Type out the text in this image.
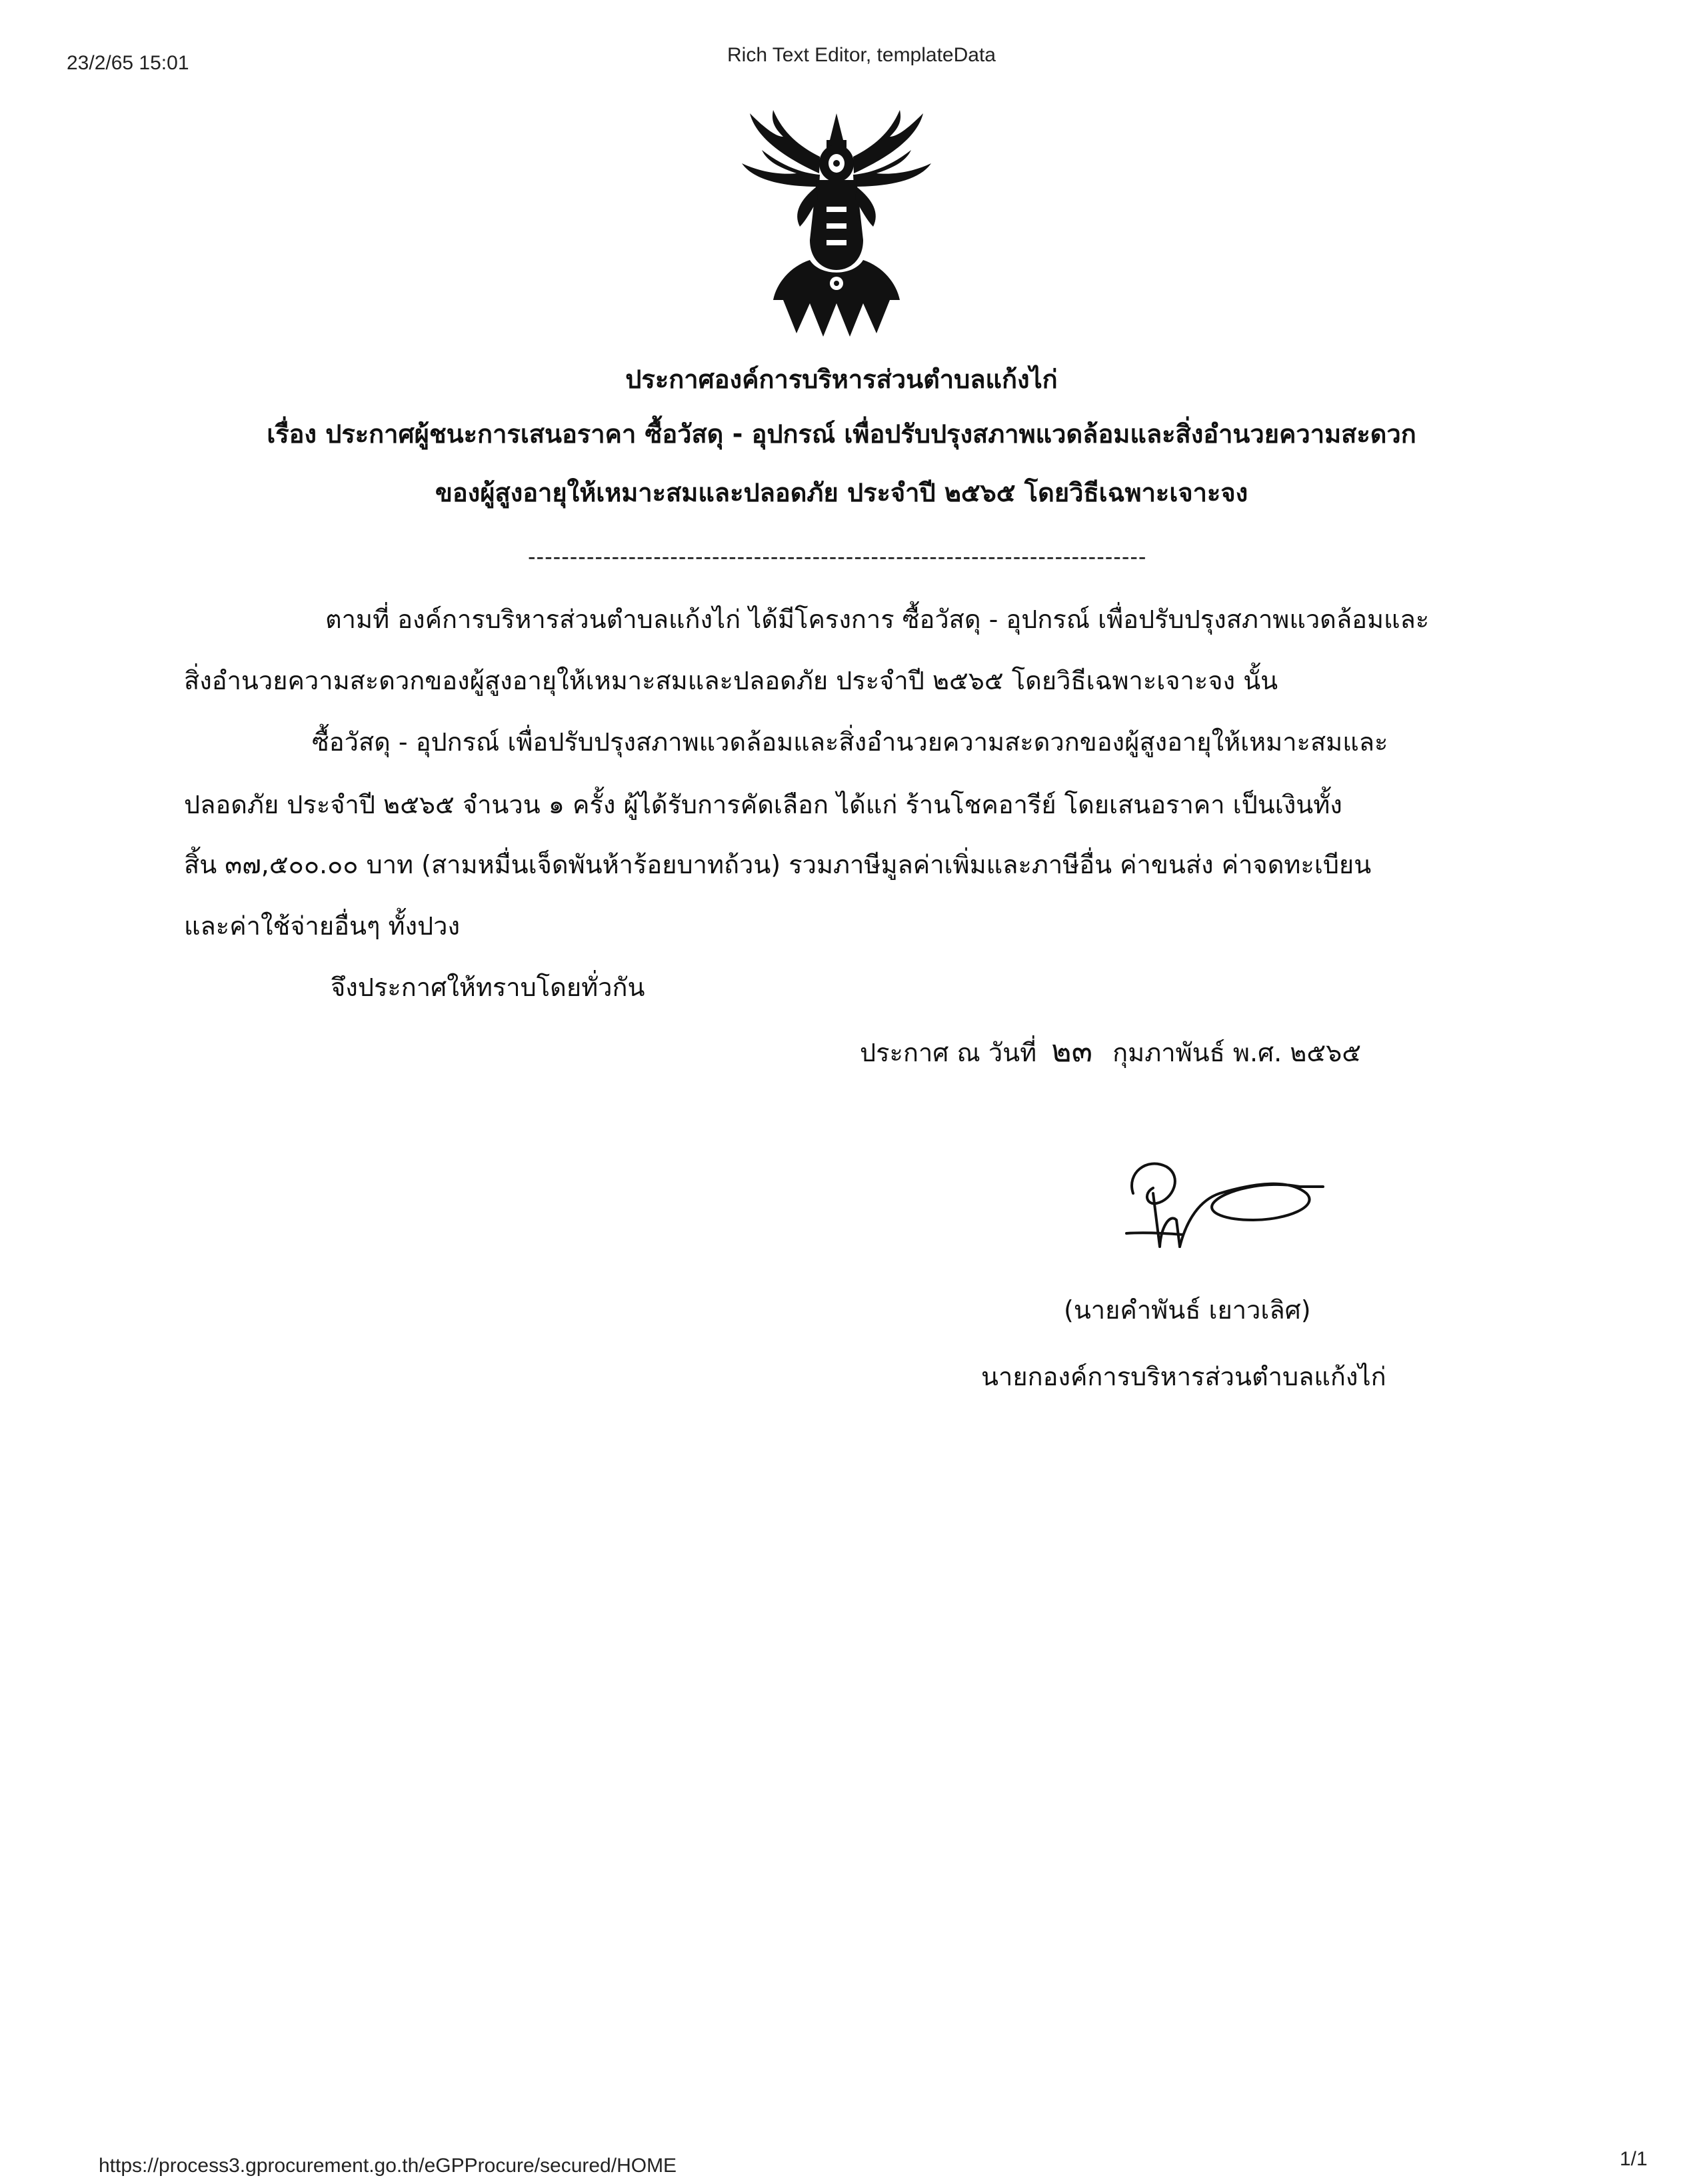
23/2/65 15:01	Rich Text Editor, templateData
ประกาศองค์การบริหารส่วนตำบลแก้งไก่
เรื่อง ประกาศผู้ชนะการเสนอราคา ซื้อวัสดุ - อุปกรณ์ เพื่อปรับปรุงสภาพแวดล้อมและสิ่งอำนวยความสะดวก
ของผู้สูงอายุให้เหมาะสมและปลอดภัย ประจำปี ๒๕๖๕ โดยวิธีเฉพาะเจาะจง
--------------------------------------------------------------------------
ตามที่ องค์การบริหารส่วนตำบลแก้งไก่ ได้มีโครงการ ซื้อวัสดุ - อุปกรณ์ เพื่อปรับปรุงสภาพแวดล้อมและ
สิ่งอำนวยความสะดวกของผู้สูงอายุให้เหมาะสมและปลอดภัย ประจำปี ๒๕๖๕ โดยวิธีเฉพาะเจาะจง นั้น
ซื้อวัสดุ - อุปกรณ์ เพื่อปรับปรุงสภาพแวดล้อมและสิ่งอำนวยความสะดวกของผู้สูงอายุให้เหมาะสมและ
ปลอดภัย ประจำปี ๒๕๖๕ จำนวน ๑ ครั้ง ผู้ได้รับการคัดเลือก ได้แก่ ร้านโชคอารีย์ โดยเสนอราคา เป็นเงินทั้ง
สิ้น ๓๗,๕๐๐.๐๐ บาท (สามหมื่นเจ็ดพันห้าร้อยบาทถ้วน) รวมภาษีมูลค่าเพิ่มและภาษีอื่น ค่าขนส่ง ค่าจดทะเบียน
และค่าใช้จ่ายอื่นๆ ทั้งปวง
จึงประกาศให้ทราบโดยทั่วกัน
ประกาศ ณ วันที่ ๒๓ กุมภาพันธ์ พ.ศ. ๒๕๖๕
(นายคำพันธ์ เยาวเลิศ)
นายกองค์การบริหารส่วนตำบลแก้งไก่
https://process3.gprocurement.go.th/eGPProcure/secured/HOME	1/1
